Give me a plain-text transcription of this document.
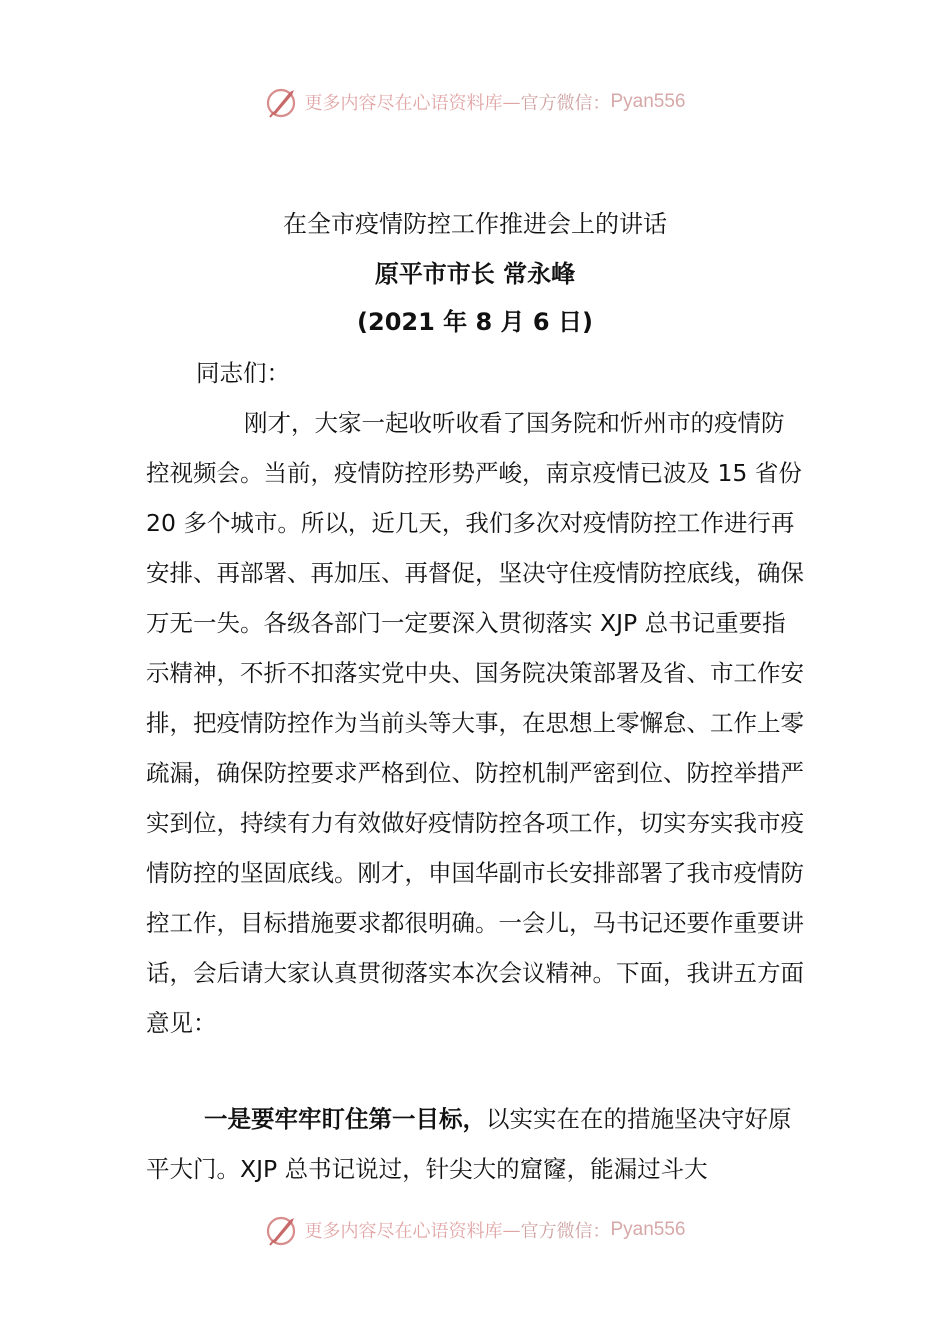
更多内容尽在心语资料库 — 官方微信： Pyan556
在全市疫情防控工作推进会上的讲话
原平市市长 常永峰
(2021 年 8 月 6 日)
同志们：
刚才，大家一起收听收看了国务院和忻州市的疫情防控视频会。当前，疫情防控形势严峻，南京疫情已波及 15 省份 20 多个城市。所以，近几天，我们多次对疫情防控工作进行再安排、再部署、再加压、再督促，坚决守住疫情防控底线，确保万无一失。各级各部门一定要深入贯彻落实 XJP 总书记重要指示精神，不折不扣落实党中央、国务院决策部署及省、市工作安排，把疫情防控作为当前头等大事，在思想上零懈怠、工作上零疏漏，确保防控要求严格到位、防控机制严密到位、防控举措严实到位，持续有力有效做好疫情防控各项工作，切实夯实我市疫情防控的坚固底线。刚才，申国华副市长安排部署了我市疫情防控工作，目标措施要求都很明确。一会儿，马书记还要作重要讲话，会后请大家认真贯彻落实本次会议精神。下面，我讲五方面意见：
一是要牢牢盯住第一目标，以实实在在的措施坚决守好原平大门。XJP 总书记说过，针尖大的窟窿，能漏过斗大
更多内容尽在心语资料库 — 官方微信： Pyan556
